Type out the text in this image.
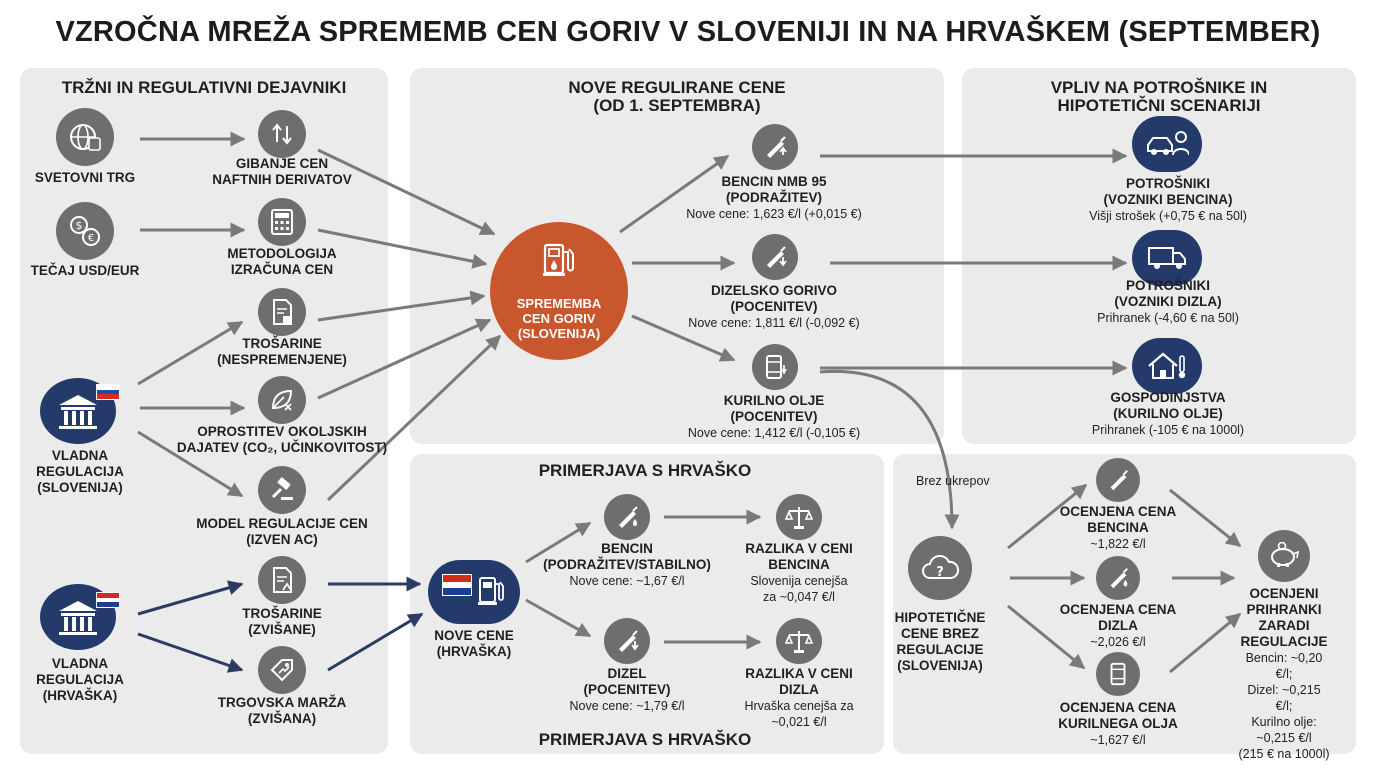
VZROČNA MREŽA SPREMEMB CEN GORIV V SLOVENIJI IN NA HRVAŠKEM (SEPTEMBER)
TRŽNI IN REGULATIVNI DEJAVNIKI	NOVE REGULIRANE CENE
(OD 1. SEPTEMBRA)
VPLIV NA POTROŠNIKE IN
HIPOTETIČNI SCENARIJI
PRIMERJAVA S HRVAŠKO
PRIMERJAVA S HRVAŠKO
SVETOVNI TRG
$
€
TEČAJ USD/EUR
VLADNA
REGULACIJA
(SLOVENIJA)
VLADNA
REGULACIJA
(HRVAŠKA)
GIBANJE CEN
NAFTNIH DERIVATOV
METODOLOGIJA
IZRAČUNA CEN
TROŠARINE
(NESPREMENJENE)
OPROSTITEV OKOLJSKIH
DAJATEV (CO₂, UČINKOVITOST)
MODEL REGULACIJE CEN
(IZVEN AC)
TROŠARINE
(ZVIŠANE)
TRGOVSKA MARŽA
(ZVIŠANA)
SPREMEMBA
CEN GORIV
(SLOVENIJA)
BENCIN NMB 95
(PODRAŽITEV)
Nove cene: 1,623 €/l (+0,015 €)
DIZELSKO GORIVO
(POCENITEV)
Nove cene: 1,811 €/l (-0,092 €)
KURILNO OLJE
(POCENITEV)
Nove cene: 1,412 €/l (-0,105 €)
POTROŠNIKI
(VOZNIKI BENCINA)
Višji strošek (+0,75 € na 50l)
POTROŠNIKI
(VOZNIKI DIZLA)
Prihranek (-4,60 € na 50l)
GOSPODINJSTVA
(KURILNO OLJE)
Prihranek (-105 € na 1000l)
NOVE CENE
(HRVAŠKA)
BENCIN
(PODRAŽITEV/STABILNO)
Nove cene: ~1,67 €/l
DIZEL
(POCENITEV)
Nove cene: ~1,79 €/l
RAZLIKA V CENI
BENCINA
Slovenija cenejša
za ~0,047 €/l
RAZLIKA V CENI
DIZLA
Hrvaška cenejša za
~0,021 €/l
Brez ukrepov
?
HIPOTETIČNE
CENE BREZ
REGULACIJE
(SLOVENIJA)
OCENJENA CENA
BENCINA
~1,822 €/l
OCENJENA CENA
DIZLA
~2,026 €/l
OCENJENA CENA
KURILNEGA OLJA
~1,627 €/l
OCENJENI
PRIHRANKI ZARADI
REGULACIJE
Bencin: ~0,20 €/l;
Dizel: ~0,215 €/l;
Kurilno olje: ~0,215 €/l
(215 € na 1000l)
